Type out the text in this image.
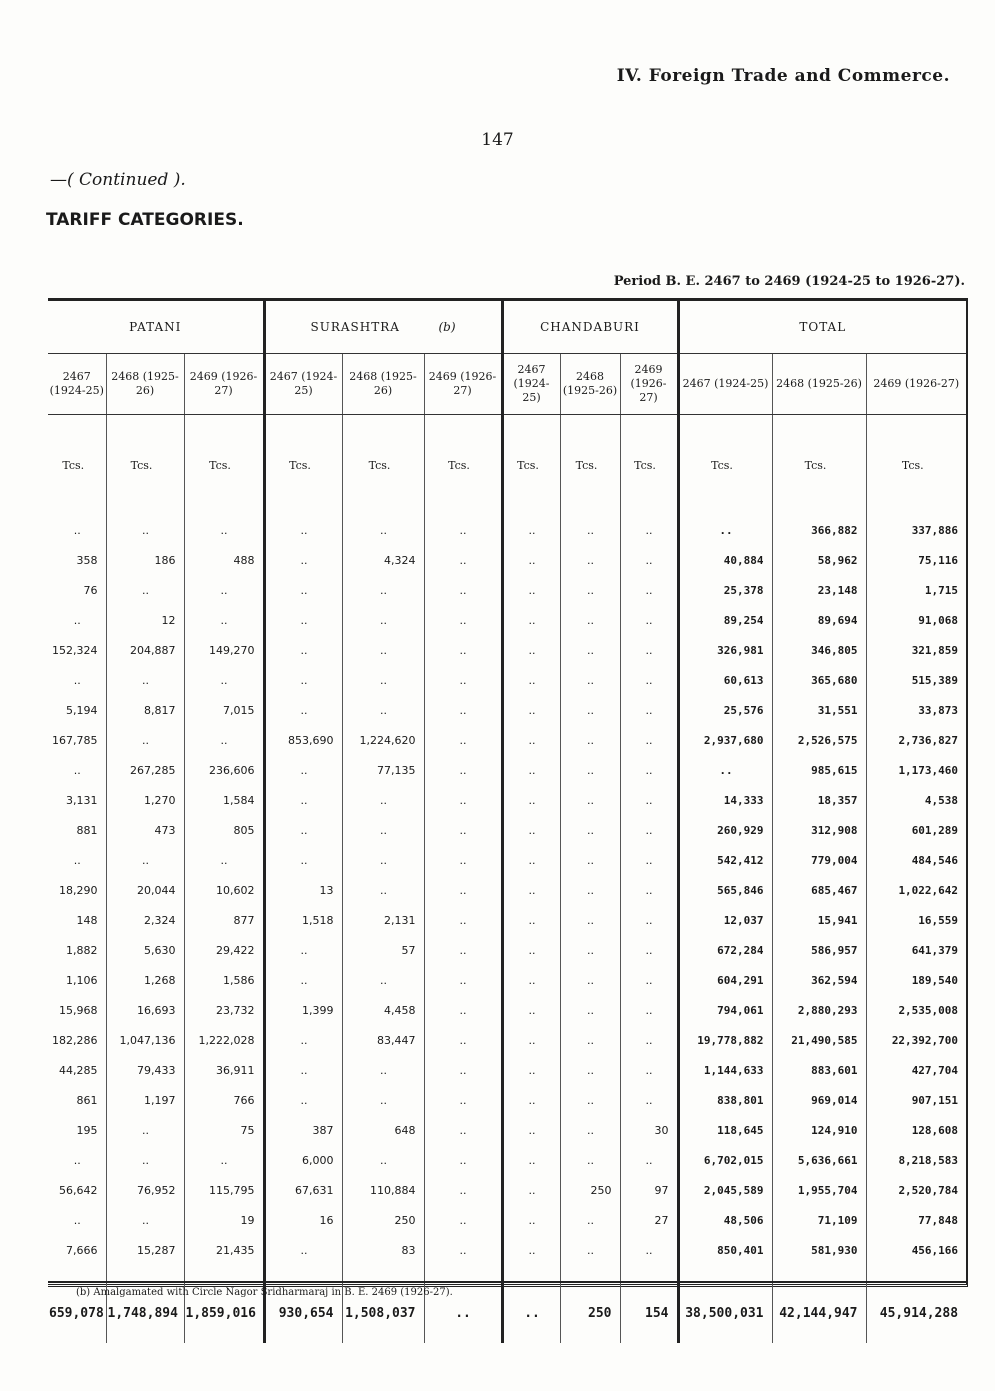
IV. Foreign Trade and Commerce.
147
—( Continued ).
TARIFF CATEGORIES.
Period B. E. 2467 to 2469 (1924-25 to 1926-27).
PATANI			SURASHTRA (b)			CHANDABURI			TOTAL		
2467 (1924-25)	2468 (1925-26)	2469 (1926-27)	2467 (1924-25)	2468 (1925-26)	2469 (1926-27)	2467 (1924-25)	2468 (1925-26)	2469 (1926-27)	2467 (1924-25)	2468 (1925-26)	2469 (1926-27)
Tcs.	Tcs.	Tcs.	Tcs.	Tcs.	Tcs.	Tcs.	Tcs.	Tcs.	Tcs.	Tcs.	Tcs.
..	..	..	..	..	..	..	..	..	..	366,882	337,886
358	186	488	..	4,324	..	..	..	..	40,884	58,962	75,116
76	..	..	..	..	..	..	..	..	25,378	23,148	1,715
..	12	..	..	..	..	..	..	..	89,254	89,694	91,068
152,324	204,887	149,270	..	..	..	..	..	..	326,981	346,805	321,859
..	..	..	..	..	..	..	..	..	60,613	365,680	515,389
5,194	8,817	7,015	..	..	..	..	..	..	25,576	31,551	33,873
167,785	..	..	853,690	1,224,620	..	..	..	..	2,937,680	2,526,575	2,736,827
..	267,285	236,606	..	77,135	..	..	..	..	..	985,615	1,173,460
3,131	1,270	1,584	..	..	..	..	..	..	14,333	18,357	4,538
881	473	805	..	..	..	..	..	..	260,929	312,908	601,289
..	..	..	..	..	..	..	..	..	542,412	779,004	484,546
18,290	20,044	10,602	13	..	..	..	..	..	565,846	685,467	1,022,642
148	2,324	877	1,518	2,131	..	..	..	..	12,037	15,941	16,559
1,882	5,630	29,422	..	57	..	..	..	..	672,284	586,957	641,379
1,106	1,268	1,586	..	..	..	..	..	..	604,291	362,594	189,540
15,968	16,693	23,732	1,399	4,458	..	..	..	..	794,061	2,880,293	2,535,008
182,286	1,047,136	1,222,028	..	83,447	..	..	..	..	19,778,882	21,490,585	22,392,700
44,285	79,433	36,911	..	..	..	..	..	..	1,144,633	883,601	427,704
861	1,197	766	..	..	..	..	..	..	838,801	969,014	907,151
195	..	75	387	648	..	..	..	30	118,645	124,910	128,608
..	..	..	6,000	..	..	..	..	..	6,702,015	5,636,661	8,218,583
56,642	76,952	115,795	67,631	110,884	..	..	250	97	2,045,589	1,955,704	2,520,784
..	..	19	16	250	..	..	..	27	48,506	71,109	77,848
7,666	15,287	21,435	..	83	..	..	..	..	850,401	581,930	456,166

659,078	1,748,894	1,859,016	930,654	1,508,037	..	..	250	154	38,500,031	42,144,947	45,914,288
(b) Amalgamated with Circle Nagor Sridharmaraj in B. E. 2469 (1926-27).
